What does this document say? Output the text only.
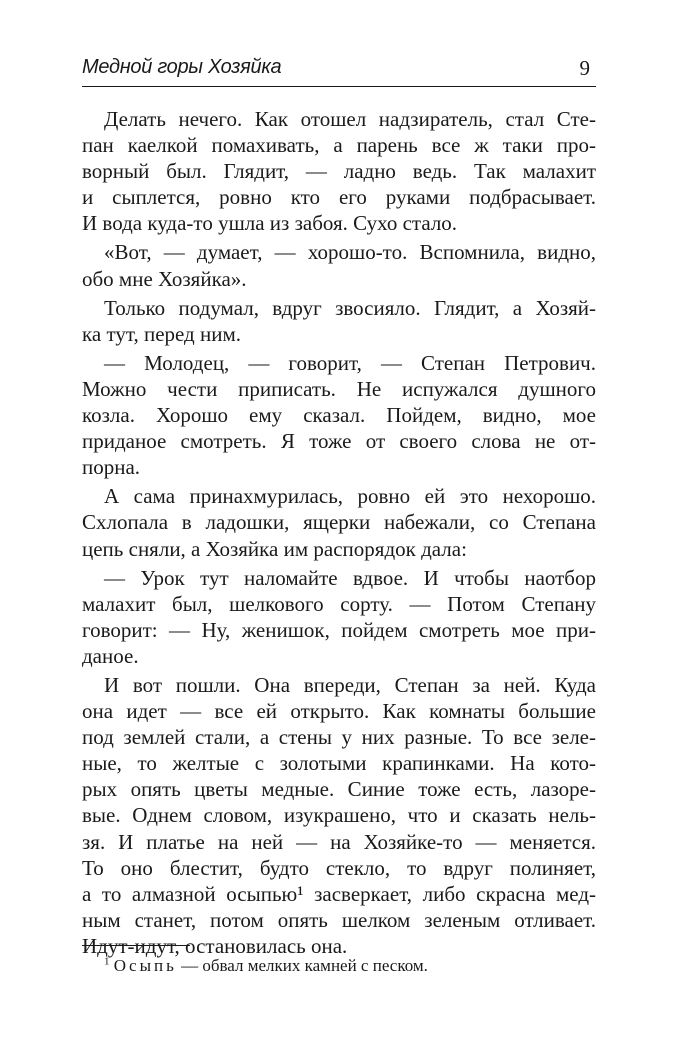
Медной горы Хозяйка	9
Делать нечего. Как отошел надзиратель, стал Сте-
пан каелкой помахивать, а парень все ж таки про-
ворный был. Глядит, — ладно ведь. Так малахит
и сыплется, ровно кто его руками подбрасывает.
И вода куда-то ушла из забоя. Сухо стало.
«Вот, — думает, — хорошо-то. Вспомнила, видно,
обо мне Хозяйка».
Только подумал, вдруг звосияло. Глядит, а Хозяй-
ка тут, перед ним.
— Молодец, — говорит, — Степан Петрович.
Можно чести приписать. Не испужался душного
козла. Хорошо ему сказал. Пойдем, видно, мое
приданое смотреть. Я тоже от своего слова не от-
порна.
А сама принахмурилась, ровно ей это нехорошо.
Схлопала в ладошки, ящерки набежали, со Степана
цепь сняли, а Хозяйка им распорядок дала:
— Урок тут наломайте вдвое. И чтобы наотбор
малахит был, шелкового сорту. — Потом Степану
говорит: — Ну, женишок, пойдем смотреть мое при-
даное.
И вот пошли. Она впереди, Степан за ней. Куда
она идет — все ей открыто. Как комнаты большие
под землей стали, а стены у них разные. То все зеле-
ные, то желтые с золотыми крапинками. На кото-
рых опять цветы медные. Синие тоже есть, лазоре-
вые. Однем словом, изукрашено, что и сказать нель-
зя. И платье на ней — на Хозяйке-то — меняется.
То оно блестит, будто стекло, то вдруг полиняет,
а то алмазной осыпью¹ засверкает, либо скрасна мед-
ным станет, потом опять шелком зеленым отливает.
Идут-идут, остановилась она.
$^1$ Осыпь — обвал мелких камней с песком.
